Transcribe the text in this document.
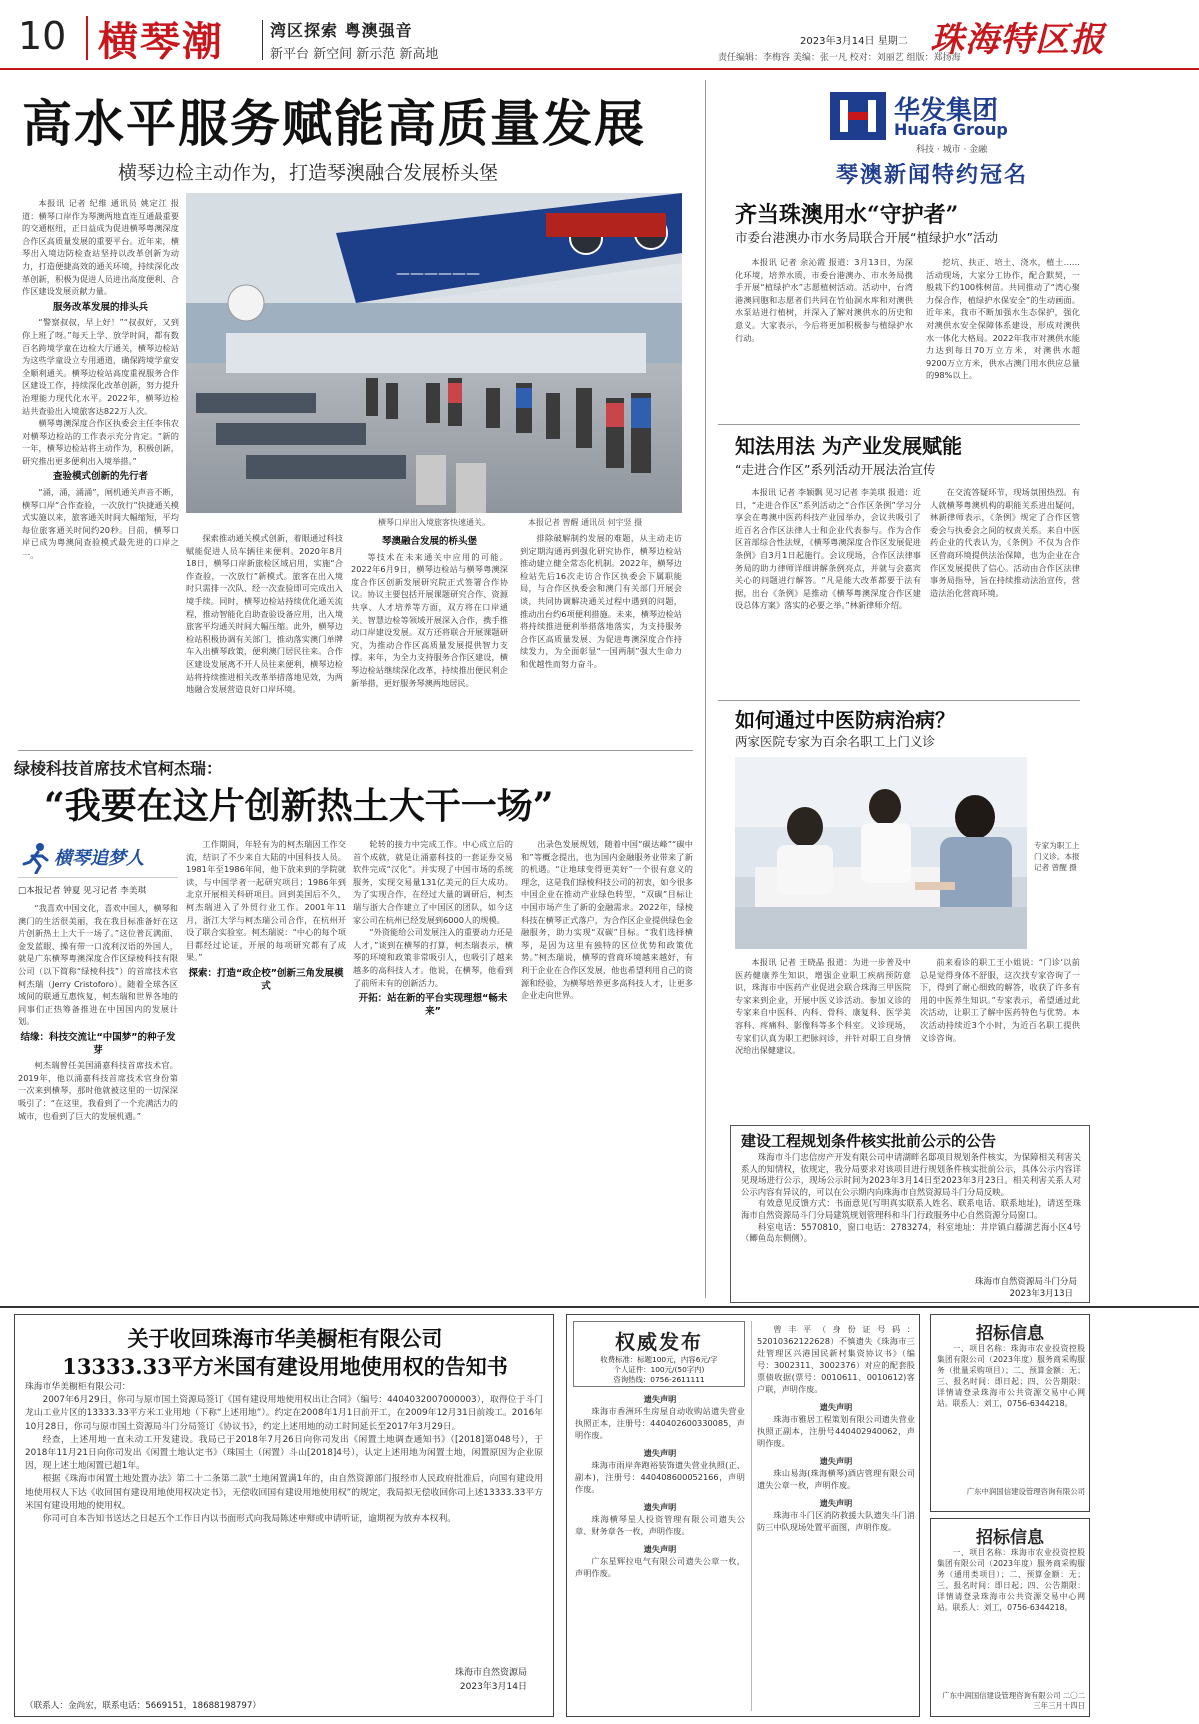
10 横琴潮	湾区探索 粤澳强音
新平台 新空间 新示范 新高地
2023年3月14日 星期二
责任编辑：李梅容 美编：张一凡 校对：刘丽艺 组版：郑扬海
珠海特区报
高水平服务赋能高质量发展
横琴边检主动作为，打造琴澳融合发展桥头堡
——————
横琴口岸出入境旅客快速通关。	本报记者 曾醒 通讯员 何宇竖 摄

本报讯 记者 纪维 通讯员 姚定江 报道：横琴口岸作为琴澳两地直连互通最重要的交通枢纽，正日益成为促进横琴粤澳深度合作区高质量发展的重要平台。近年来，横琴出入境边防检查站坚持以改革创新为动力，打造便捷高效的通关环境，持续深化改革创新，积极为促进人员进出高度便利、合作区建设发展贡献力量。

服务改革发展的排头兵

“警察叔叔，早上好！”“叔叔好，又到你上班了呀。”每天上学、放学时间，都有数百名跨境学童在边检大厅通关，横琴边检站为这些学童设立专用通道，确保跨境学童安全顺利通关。横琴边检站高度重视服务合作区建设工作，持续深化改革创新，努力提升治理能力现代化水平。2022年，横琴边检站共查验出入境旅客达822万人次。

横琴粤澳深度合作区执委会主任李伟农对横琴边检站的工作表示充分肯定。“新的一年，横琴边检站将主动作为，积极创新，研究推出更多便利出入境举措。”

查验模式创新的先行者

“涌，涌，涌涌”，闸机通关声音不断，横琴口岸“合作查验，一次放行”快捷通关模式实施以来，旅客通关时间大幅缩短，平均每位旅客通关时间约20秒。目前，横琴口岸已成为粤澳间查验模式最先进的口岸之一。

探索推动通关模式创新，着眼通过科技赋能促进人员车辆往来便利。2020年8月18日，横琴口岸新旅检区域启用，实施“合作查验，一次放行”新模式。旅客在出入境时只需排一次队、经一次查验即可完成出入境手续。同时，横琴边检站持续优化通关流程，推动智能化自助查验设备应用，出入境旅客平均通关时间大幅压缩。此外，横琴边检站积极协调有关部门，推动落实澳门单牌车入出横琴政策，便利澳门居民往来。合作区建设发展离不开人员往来便利，横琴边检站将持续推进相关改革举措落地见效，为两地融合发展营造良好口岸环境。

琴澳融合发展的桥头堡

等技术在未来通关中应用的可能。2022年6月9日，横琴边检站与横琴粤澳深度合作区创新发展研究院正式签署合作协议。协议主要包括开展课题研究合作、资源共享、人才培养等方面，双方将在口岸通关、智慧边检等领域开展深入合作，携手推动口岸建设发展。双方还将联合开展课题研究，为推动合作区高质量发展提供智力支撑。来年，为全力支持服务合作区建设，横琴边检站继续深化改革，持续推出便民利企新举措，更好服务琴澳两地居民。

排除破解制约发展的难题，从主动走访到定期沟通再到强化研究协作，横琴边检站推动建立健全常态化机制。2022年，横琴边检站先后16次走访合作区执委会下属职能局，与合作区执委会和澳门有关部门开展会谈，共同协调解决通关过程中遇到的问题，推动出台约6项便利措施。未来，横琴边检站将持续推进便利举措落地落实，为支持服务合作区高质量发展、为促进粤澳深度合作持续发力，为全面彰显“一国两制”强大生命力和优越性而努力奋斗。

华发集团
Huafa Group
科技 · 城市 · 金融
琴澳新闻特约冠名
齐当珠澳用水“守护者”
市委台港澳办市水务局联合开展“植绿护水”活动

本报讯 记者 余沁霞 报道：3月13日，为深化环境，培养水质，市委台港澳办、市水务局携手开展“植绿护水”志愿植树活动。活动中，台湾港澳同胞和志愿者们共同在竹仙洞水库和对澳供水泵站进行植树，并深入了解对澳供水的历史和意义。大家表示，今后将更加积极参与植绿护水行动。

挖坑、扶正、培土、浇水，植土……活动现场，大家分工协作，配合默契，一般栽下约100株树苗。共同推动了“湾心聚力保合作，植绿护水保安全”的生动画面。近年来，我市不断加强水生态保护，强化对澳供水安全保障体系建设，形成对澳供水一体化大格局。2022年我市对澳供水能力达到每日70万立方米，对澳供水超9200万立方米，供水占澳门用水供应总量的98%以上。

知法用法 为产业发展赋能
“走进合作区”系列活动开展法治宣传

本报讯 记者 李颖飘 见习记者 李美琪 报道：近日，“走进合作区”系列活动之“合作区条例”学习分享会在粤澳中医药科技产业园举办，会议共吸引了近百名合作区法律人士和企业代表参与。作为合作区首部综合性法规，《横琴粤澳深度合作区发展促进条例》自3月1日起施行。会议现场，合作区法律事务局的助力律师详细讲解条例亮点，并就与会嘉宾关心的问题进行解答。“凡是能大改革都要于法有据，出台《条例》是推动《横琴粤澳深度合作区建设总体方案》落实的必要之举。”林新律师介绍。

在交流答疑环节，现场氛围热烈。有人就横琴粤澳机构的职能关系进出疑问，林新律师表示，《条例》规定了合作区管委会与执委会之间的权责关系。来自中医药企业的代表认为，《条例》不仅为合作区营商环境提供法治保障，也为企业在合作区发展提供了信心。活动由合作区法律事务局指导，旨在持续推动法治宣传，营造法治化营商环境。

如何通过中医防病治病？
两家医院专家为百余名职工上门义诊
专家为职工上门义诊。本报记者 曾醒 摄

本报讯 记者 王晓晶 报道：为进一步普及中医药健康养生知识，增强企业职工疾病预防意识，珠海市中医药产业促进会联合珠海三甲医院专家来到企业，开展中医义诊活动。参加义诊的专家来自中医科、内科、骨科、康复科、医学美容科、疼痛科、影像科等多个科室。义诊现场，专家们认真为职工把脉问诊，并针对职工自身情况给出保健建议。

前来看诊的职工王小姐说：“门诊‘以前总是觉得身体不舒服，这次找专家咨询了一下，得到了耐心细致的解答，收获了许多有用的中医养生知识。”专家表示，希望通过此次活动，让职工了解中医药特色与优势。本次活动持续近3个小时，为近百名职工提供义诊咨询。

建设工程规划条件核实批前公示的公告

珠海市斗门忠信房产开发有限公司申请湖畔名邸项目规划条件核实，为保障相关利害关系人的知情权，依规定，我分局要求对该项目进行规划条件核实批前公示，具体公示内容详见现场进行公示，现场公示时间为2023年3月14日至2023年3月23日。相关利害关系人对公示内容有异议的，可以在公示期内向珠海市自然资源局斗门分局反映。

有效意见反馈方式：书面意见(写明真实联系人姓名、联系电话、联系地址)，请送至珠海市自然资源局斗门分局建筑规划管理科和斗门行政服务中心自然资源分局窗口。

科室电话：5570810，窗口电话：2783274，科室地址：井岸镇白藤湖艺海小区4号（鲫鱼岛东侧侧）。

珠海市自然资源局斗门分局
2023年3月13日
绿棱科技首席技术官柯杰瑞：
“我要在这片创新热土大干一场”
横琴追梦人
□本报记者 钟夏 见习记者 李美琪

“我喜欢中国文化，喜欢中国人，横琴和澳门的生活很美丽，我在我目标准备好在这片创新热土上大干一场了。”这位普瓦满面、金发蓝眼、操有带一口流利汉语的外国人，就是广东横琴粤澳深度合作区绿棱科技有限公司（以下简称“绿棱科技”）的首席技术官柯杰瑞（Jerry Cristoforo）。随着全球各区域间的联通互惠恢复，柯杰瑞和世界各地的同事们正热筹备推进在中国国内的发展计划。

结缘：科技交流让“中国梦”的种子发芽

柯杰瑞曾任美国涌嘉科技首席技术官。2019年，他以涌嘉科技首席技术官身份第一次来到横琴，那时他就被这里的一切深深吸引了：“在这里，我看到了一个充满活力的城市，也看到了巨大的发展机遇。”

工作期间，年轻有为的柯杰瑞因工作交流，结识了不少来自大陆的中国科技人员。1981年至1986年间，他下放来到的学院就读，与中国学者一起研究项目；1986年到北京开展相关科研项目。回到美国后不久，柯杰瑞进入了外贸行业工作。2001年11月，浙江大学与柯杰瑞公司合作，在杭州开设了联合实验室。柯杰瑞说：“中心的每个项目都经过论证，开展的每项研究都有了成果。”

探索：打造“政企校”创新三角发展模式

轮转的接力中完成工作。中心成立后的首个成就，就是让涌嘉科技的一套证券交易软件完成“汉化”。并实现了中国市场的系统服务，实现交易量131亿美元的巨大成功。为了实现合作，在经过大量的调研后，柯杰瑞与浙大合作建立了中国区的团队，如今这家公司在杭州已经发展到6000人的规模。

“外资能给公司发展注入的重要动力还是人才，”谈到在横琴的打算，柯杰瑞表示，横琴的环境和政策非常吸引人，也吸引了越来越多的高科技人才。他说，在横琴，他看到了前所未有的创新活力。

开拓：站在新的平台实现理想“畅未来”

出录色发展规划，随着中国“碳达峰”“碳中和”等概念提出，也为国内金融服务业带来了新的机遇。“让地球变得更美好”一个很有意义的理念，这是我们绿棱科技公司的初衷，如今很多中国企业在推动产业绿色转型，“双碳”目标让中国市场产生了新的金融需求。2022年，绿棱科技在横琴正式落户，为合作区企业提供绿色金融服务，助力实现“双碳”目标。“我们选择横琴，是因为这里有独特的区位优势和政策优势。”柯杰瑞说，横琴的营商环境越来越好，有利于企业在合作区发展，他也希望利用自己的资源和经验，为横琴培养更多高科技人才，让更多企业走向世界。

关于收回珠海市华美橱柜有限公司
13333.33平方米国有建设用地使用权的告知书
珠海市华美橱柜有限公司：

2007年6月29日，你司与原市国土资源局签订《国有建设用地使用权出让合同》（编号：4404032007000003），取得位于斗门龙山工业片区的13333.33平方米工业用地（下称“上述用地”）。约定在2008年1月1日前开工，在2009年12月31日前竣工。2016年10月28日，你司与原市国土资源局斗门分局签订《协议书》，约定上述用地的动工时间延长至2017年3月29日。

经查，上述用地一直未动工开发建设。我局已于2018年7月26日向你司发出《闲置土地调查通知书》（[2018]第048号），于2018年11月21日向你司发出《闲置土地认定书》（珠国土（闲置）斗山[2018]4号），认定上述用地为闲置土地，闲置原因为企业原因，现上述土地闲置已超1年。

根据《珠海市闲置土地处置办法》第二十二条第二款“土地闲置满1年的，由自然资源部门报经市人民政府批准后，向国有建设用地使用权人下达《收回国有建设用地使用权决定书》，无偿收回国有建设用地使用权”的规定，我局拟无偿收回你司上述13333.33平方米国有建设用地的使用权。

你司可自本告知书送达之日起五个工作日内以书面形式向我局陈述申辩或申请听证，逾期视为放弃本权利。

珠海市自然资源局
2023年3月14日
（联系人：金尚宏，联系电话：5669151，18688198797）
权威发布
收费标准：标题100元，内容6元/字
个人证件：100元/(50字内)
咨询热线：0756-2611111
遗失声明

珠海市香洲环生房屋自动收购站遗失营业执照正本，注册号：440402600330085，声明作废。

遗失声明

珠海市雨岸奔跑裕装饰遗失营业执照(正、副本)，注册号：440408600052166，声明作废。

遗失声明

珠海横琴星人投资管理有限公司遗失公章、财务章各一枚，声明作废。

遗失声明

广东星辉拉电气有限公司遗失公章一枚，声明作废。

曾丰平（身份证号码：52010362122628）不慎遗失《珠海市三灶管理区兴港国民新村集资协议书》（编号：3002311、3002376）对应的配套股票债收据(票号：0010611、0010612)客户联，声明作废。

遗失声明

珠海市雅居工程策划有限公司遗失营业执照正副本，注册号440402940062，声明作废。

遗失声明

珠山易海(珠海横琴)酒店管理有限公司遗失公章一枚，声明作废。

遗失声明

珠海市斗门区消防救援大队遗失斗门消防三中队现场处置平面图，声明作废。

招标信息

一、项目名称：珠海市农业投资控股集团有限公司（2023年度）服务商采购服务（批量采购项目）；二、预算金额：无；三、报名时间：即日起；四、公告期限：详情请登录珠海市公共资源交易中心网站。联系人：刘工，0756-6344218。

广东中润国信建设管理咨询有限公司
招标信息

一、项目名称：珠海市农业投资控股集团有限公司（2023年度）服务商采购服务（通用类项目）；二、预算金额：无；三、报名时间：即日起；四、公告期限：详情请登录珠海市公共资源交易中心网站。联系人：刘工，0756-6344218。

广东中润国信建设管理咨询有限公司 二〇二三年三月十四日
